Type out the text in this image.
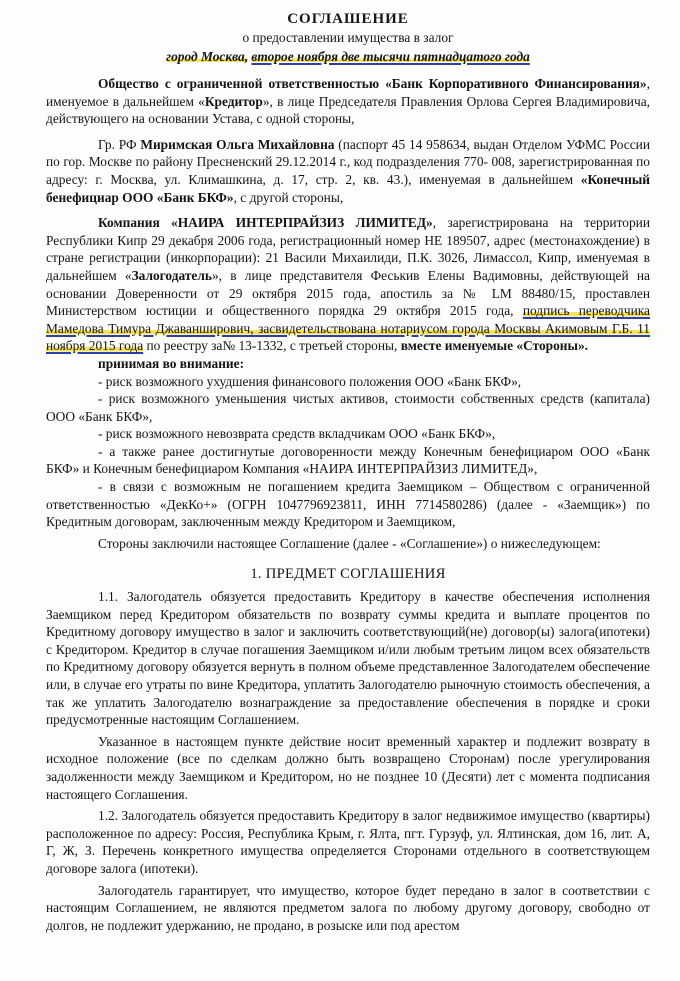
СОГЛАШЕНИЕ
о предоставлении имущества в залог
город Москва, второе ноября две тысячи пятнадцатого года

Общество с ограниченной ответственностью «Банк Корпоративного Финансирования», именуемое в дальнейшем «Кредитор», в лице Председателя Правления Орлова Сергея Владимировича, действующего на основании Устава, с одной стороны,

Гр. РФ Миримская Ольга Михайловна (паспорт 45 14 958634, выдан Отделом УФМС России по гор. Москве по району Пресненский 29.12.2014 г., код подразделения 770- 008, зарегистрированная по адресу: г. Москва, ул. Климашкина, д. 17, стр. 2, кв. 43.), именуемая в дальнейшем «Конечный бенефициар ООО «Банк БКФ», с другой стороны,

Компания «НАИРА ИНТЕРПРАЙЗИЗ ЛИМИТЕД», зарегистрирована на территории Республики Кипр 29 декабря 2006 года, регистрационный номер НЕ 189507, адрес (местонахождение) в стране регистрации (инкорпорации): 21 Васили Михаилиди, П.К. 3026, Лимассол, Кипр, именуемая в дальнейшем «Залогодатель», в лице представителя Феськив Елены Вадимовны, действующей на основании Доверенности от 29 октября 2015 года, апостиль за № LM 88480/15, проставлен Министерством юстиции и общественного порядка 29 октября 2015 года, подпись переводчика Мамедова Тимура Джаванширович, засвидетельствована нотариусом города Москвы Акимовым Г.Б. 11 ноября 2015 года по реестру за№ 13-1332, с третьей стороны, вместе именуемые «Стороны».

принимая во внимание:

- риск возможного ухудшения финансового положения ООО «Банк БКФ»,

- риск возможного уменьшения чистых активов, стоимости собственных средств (капитала) ООО «Банк БКФ»,

- риск возможного невозврата средств вкладчикам ООО «Банк БКФ»,

- а также ранее достигнутые договоренности между Конечным бенефициаром ООО «Банк БКФ» и Конечным бенефициаром Компания «НАИРА ИНТЕРПРАЙЗИЗ ЛИМИТЕД»,

- в связи с возможным не погашением кредита Заемщиком – Обществом с ограниченной ответственностью «ДекКо+» (ОГРН 1047796923811, ИНН 7714580286) (далее - «Заемщик») по Кредитным договорам, заключенным между Кредитором и Заемщиком,

Стороны заключили настоящее Соглашение (далее - «Соглашение») о нижеследующем:

1. ПРЕДМЕТ СОГЛАШЕНИЯ

1.1. Залогодатель обязуется предоставить Кредитору в качестве обеспечения исполнения Заемщиком перед Кредитором обязательств по возврату суммы кредита и выплате процентов по Кредитному договору имущество в залог и заключить соответствующий(не) договор(ы) залога(ипотеки) с Кредитором. Кредитор в случае погашения Заемщиком и/или любым третьим лицом всех обязательств по Кредитному договору обязуется вернуть в полном объеме представленное Залогодателем обеспечение или, в случае его утраты по вине Кредитора, уплатить Залогодателю рыночную стоимость обеспечения, а так же уплатить Залогодателю вознаграждение за предоставление обеспечения в порядке и сроки предусмотренные настоящим Соглашением.

Указанное в настоящем пункте действие носит временный характер и подлежит возврату в исходное положение (все по сделкам должно быть возвращено Сторонам) после урегулирования задолженности между Заемщиком и Кредитором, но не позднее 10 (Десяти) лет с момента подписания настоящего Соглашения.

1.2. Залогодатель обязуется предоставить Кредитору в залог недвижимое имущество (квартиры) расположенное по адресу: Россия, Республика Крым, г. Ялта, пгт. Гурзуф, ул. Ялтинская, дом 16, лит. А, Г, Ж, З. Перечень конкретного имущества определяется Сторонами отдельного в соответствующем договоре залога (ипотеки).

Залогодатель гарантирует, что имущество, которое будет передано в залог в соответствии с настоящим Соглашением, не являются предметом залога по любому другому договору, свободно от долгов, не подлежит удержанию, не продано, в розыске или под арестом
